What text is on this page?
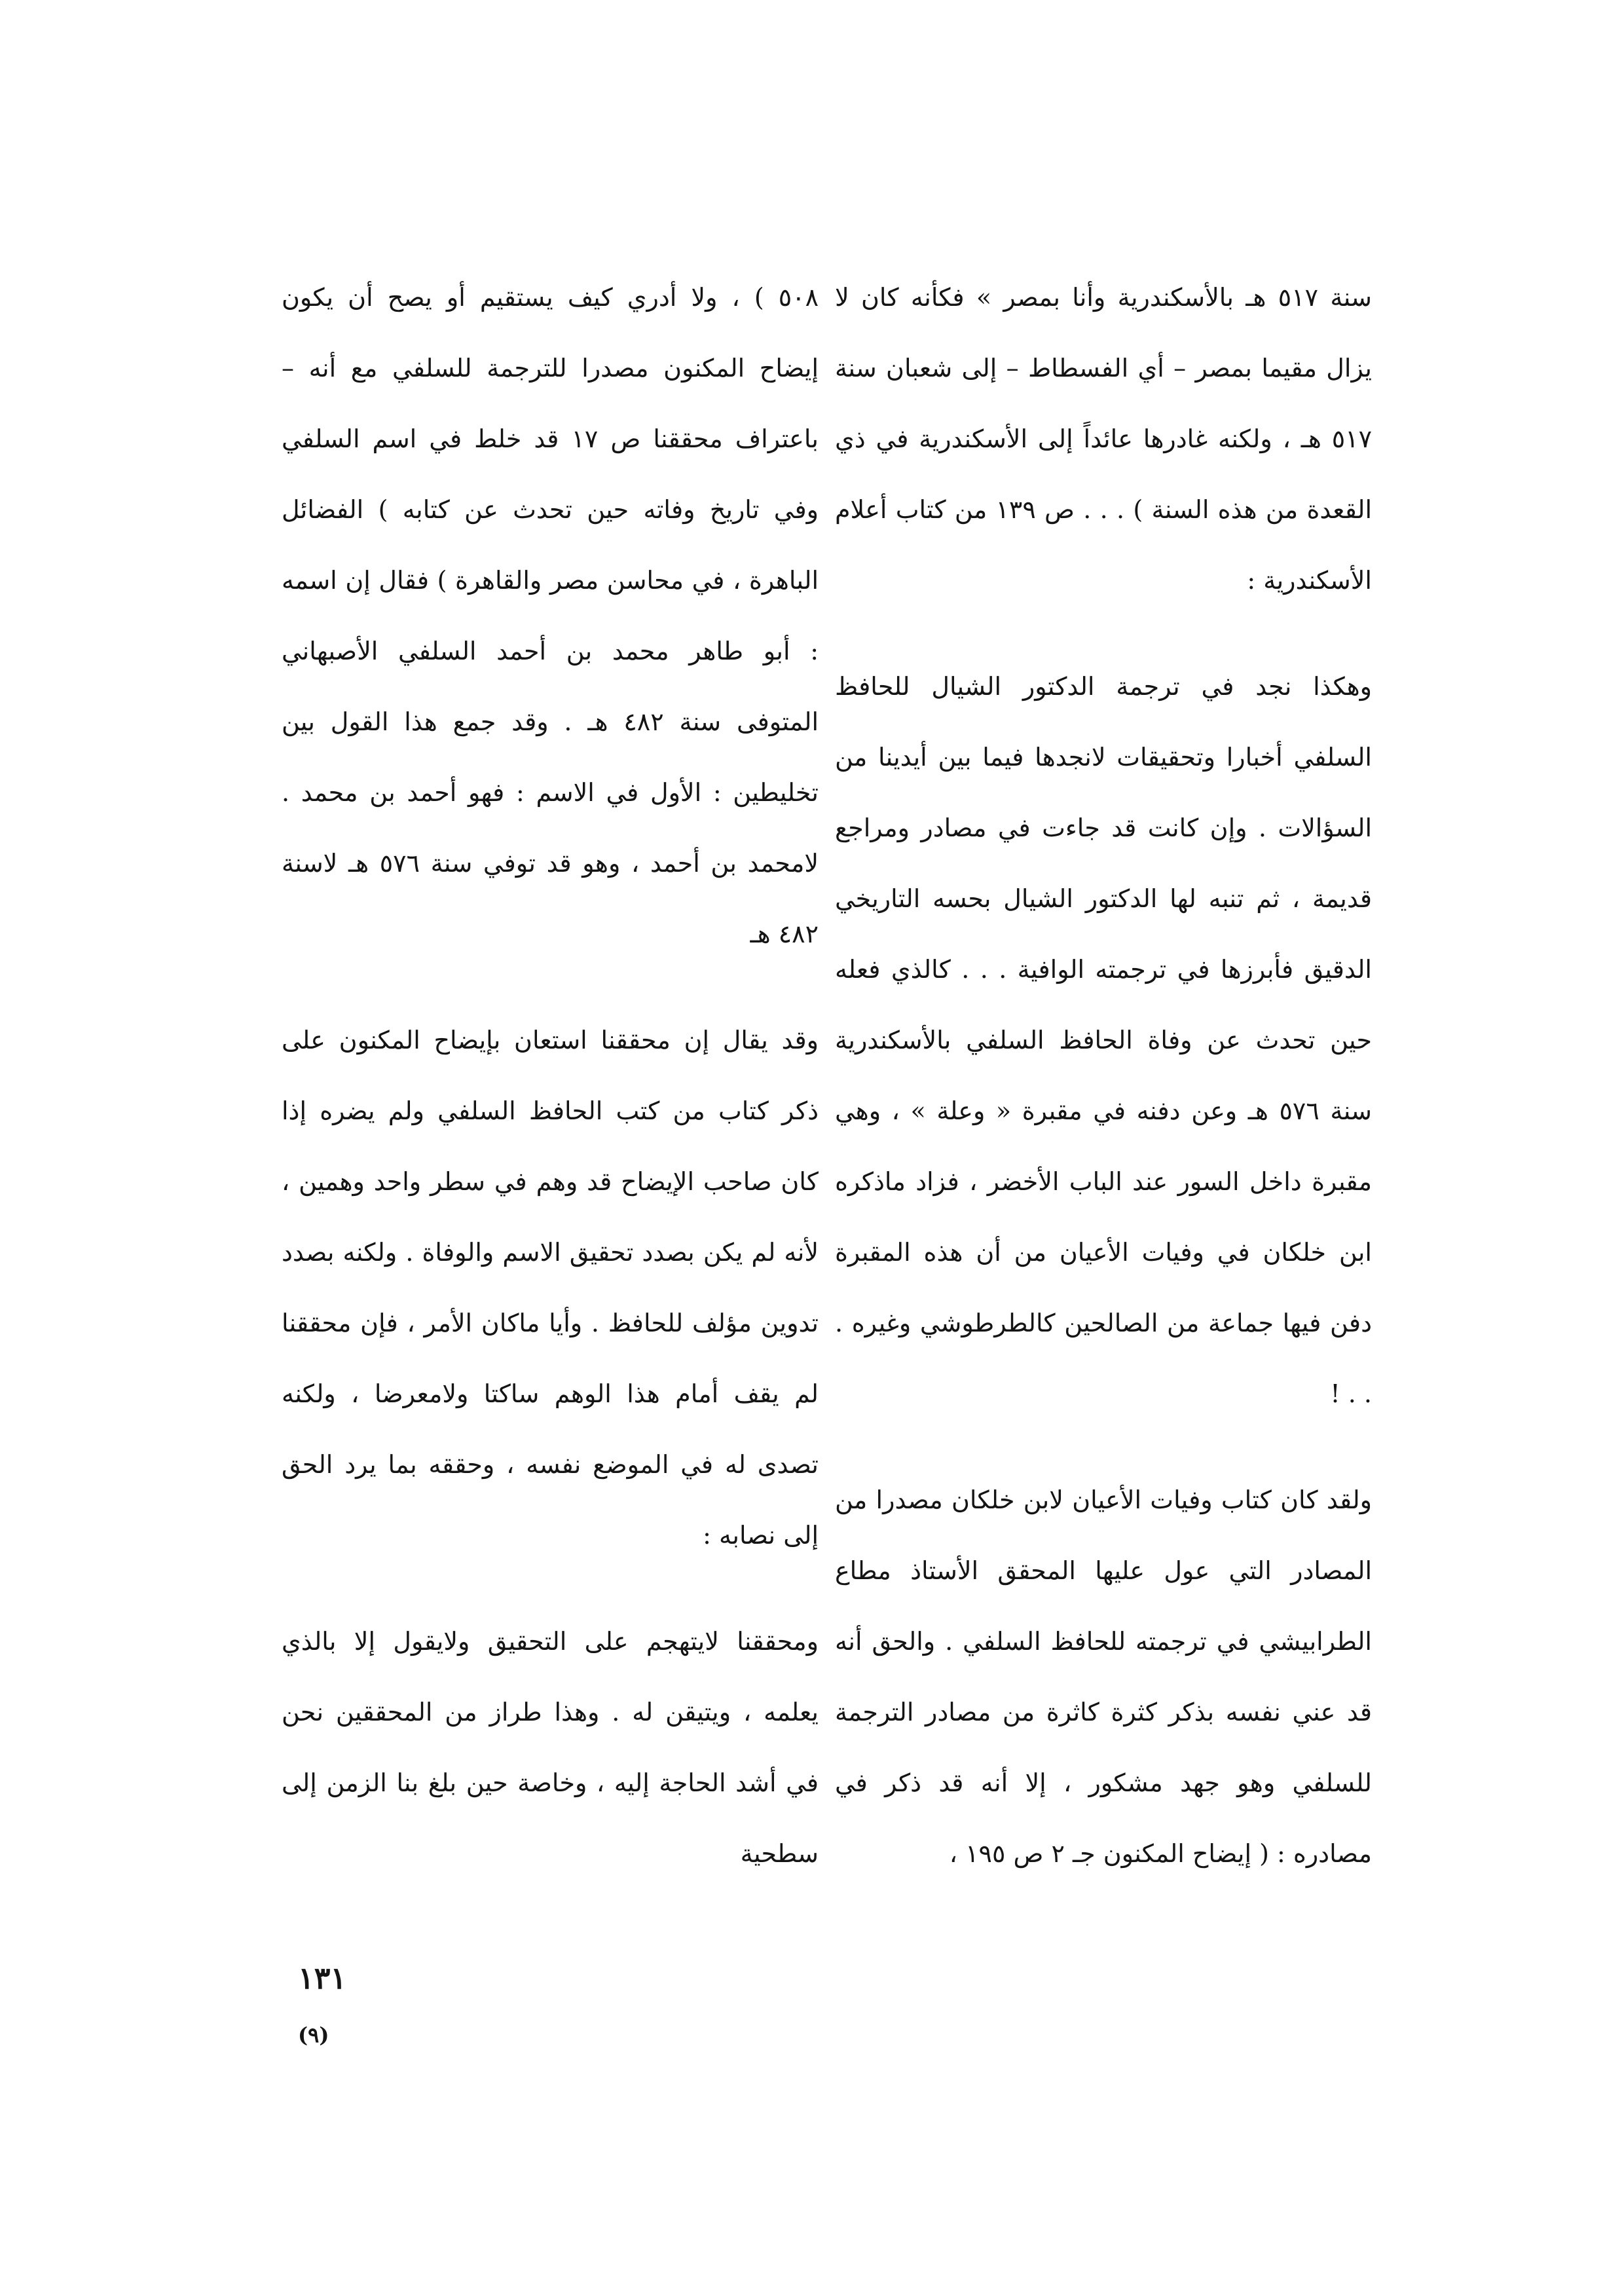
سنة ٥١٧ هـ بالأسكندرية وأنا بمصر » فكأنه كان لا يزال مقيما بمصر – أي الفسطاط – إلى شعبان سنة ٥١٧ هـ ، ولكنه غادرها عائداً إلى الأسكندرية في ذي القعدة من هذه السنة ) . . . ص ١٣٩ من كتاب أعلام الأسكندرية :

وهكذا نجد في ترجمة الدكتور الشيال للحافظ السلفي أخبارا وتحقيقات لانجدها فيما بين أيدينا من السؤالات . وإن كانت قد جاءت في مصادر ومراجع قديمة ، ثم تنبه لها الدكتور الشيال بحسه التاريخي الدقيق فأبرزها في ترجمته الوافية . . . كالذي فعله حين تحدث عن وفاة الحافظ السلفي بالأسكندرية سنة ٥٧٦ هـ وعن دفنه في مقبرة « وعلة » ، وهي مقبرة داخل السور عند الباب الأخضر ، فزاد ماذكره ابن خلكان في وفيات الأعيان من أن هذه المقبرة دفن فيها جماعة من الصالحين كالطرطوشي وغيره . . . !

ولقد كان كتاب وفيات الأعيان لابن خلكان مصدرا من المصادر التي عول عليها المحقق الأستاذ مطاع الطرابيشي في ترجمته للحافظ السلفي . والحق أنه قد عني نفسه بذكر كثرة كاثرة من مصادر الترجمة للسلفي وهو جهد مشكور ، إلا أنه قد ذكر في مصادره : ( إيضاح المكنون جـ ٢ ص ١٩٥ ،

٥٠٨ ) ، ولا أدري كيف يستقيم أو يصح أن يكون إيضاح المكنون مصدرا للترجمة للسلفي مع أنه – باعتراف محققنا ص ١٧ قد خلط في اسم السلفي وفي تاريخ وفاته حين تحدث عن كتابه ) الفضائل الباهرة ، في محاسن مصر والقاهرة ) فقال إن اسمه : أبو طاهر محمد بن أحمد السلفي الأصبهاني المتوفى سنة ٤٨٢ هـ . وقد جمع هذا القول بين تخليطين : الأول في الاسم : فهو أحمد بن محمد . لامحمد بن أحمد ، وهو قد توفي سنة ٥٧٦ هـ لاسنة ٤٨٢ هـ

وقد يقال إن محققنا استعان بإيضاح المكنون على ذكر كتاب من كتب الحافظ السلفي ولم يضره إذا كان صاحب الإيضاح قد وهم في سطر واحد وهمين ، لأنه لم يكن بصدد تحقيق الاسم والوفاة . ولكنه بصدد تدوين مؤلف للحافظ . وأيا ماكان الأمر ، فإن محققنا لم يقف أمام هذا الوهم ساكتا ولامعرضا ، ولكنه تصدى له في الموضع نفسه ، وحققه بما يرد الحق إلى نصابه :

ومحققنا لايتهجم على التحقيق ولايقول إلا بالذي يعلمه ، ويتيقن له . وهذا طراز من المحققين نحن في أشد الحاجة إليه ، وخاصة حين بلغ بنا الزمن إلى سطحية

١٣١
(٩)
